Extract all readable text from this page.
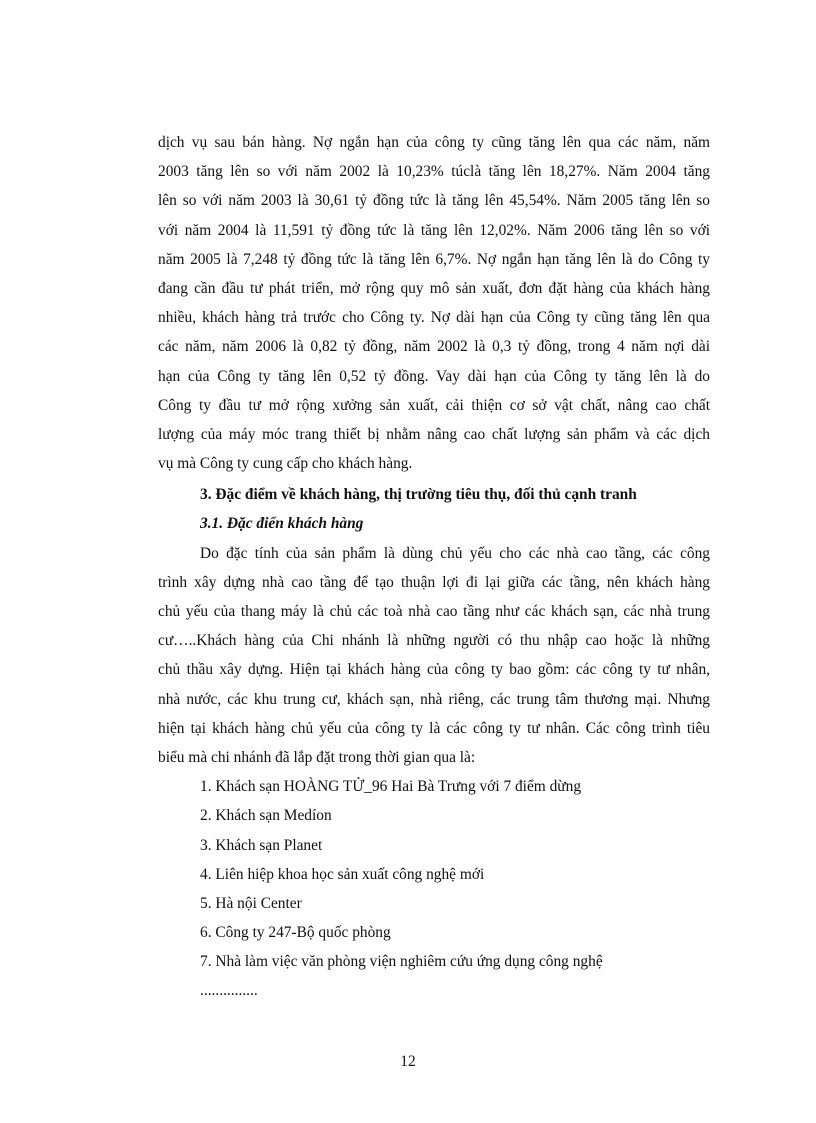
dịch vụ sau bán hàng. Nợ ngắn hạn của công ty cũng tăng lên qua các năm, năm
2003 tăng lên so với năm 2002 là 10,23% túclà tăng lên 18,27%. Năm 2004 tăng
lên so với năm 2003 là 30,61 tỷ đồng tức là tăng lên 45,54%. Năm 2005 tăng lên so
với năm 2004 là 11,591 tỷ đồng tức là tăng lên 12,02%. Năm 2006 tăng lên so với
năm 2005 là 7,248 tỷ đồng tức là tăng lên 6,7%. Nợ ngắn hạn tăng lên là do Công ty
đang cần đầu tư phát triển, mở rộng quy mô sản xuất, đơn đặt hàng của khách hàng
nhiều, khách hàng trả trước cho Công ty. Nợ dài hạn của Công ty cũng tăng lên qua
các năm, năm 2006 là 0,82 tỷ đồng, năm 2002 là 0,3 tỷ đồng, trong 4 năm nợi dài
hạn của Công ty tăng lên 0,52 tỷ đồng. Vay dài hạn của Công ty tăng lên là do
Công ty đầu tư mở rộng xưởng sản xuất, cải thiện cơ sở vật chất, nâng cao chất
lượng của máy móc trang thiết bị nhằm nâng cao chất lượng sản phẩm và các dịch
vụ mà Công ty cung cấp cho khách hàng.
3. Đặc điểm về khách hàng, thị trường tiêu thụ, đối thủ cạnh tranh
3.1. Đặc điển khách hàng
Do đặc tính của sản phẩm là dùng chủ yếu cho các nhà cao tầng, các công
trình xây dựng nhà cao tầng để tạo thuận lợi đi lại giữa các tầng, nên khách hàng
chủ yếu của thang máy là chủ các toà nhà cao tầng như các khách sạn, các nhà trung
cư…..Khách hàng của Chi nhánh là những người có thu nhập cao hoặc là những
chủ thầu xây dựng. Hiện tại khách hàng của công ty bao gồm: các công ty tư nhân,
nhà nước, các khu trung cư, khách sạn, nhà riêng, các trung tâm thương mại. Nhưng
hiện tại khách hàng chủ yếu của công ty là các công ty tư nhân. Các công trình tiêu
biểu mà chi nhánh đã lắp đặt trong thời gian qua là:
1. Khách sạn HOÀNG TỬ_96 Hai Bà Trưng với 7 điểm dừng
2. Khách sạn Medíon
3. Khách sạn Planet
4. Liên hiệp khoa học sản xuất công nghệ mới
5. Hà nội Center
6. Công ty 247-Bộ quốc phòng
7. Nhà làm việc văn phòng viện nghiêm cứu ứng dụng công nghệ
...............
12
